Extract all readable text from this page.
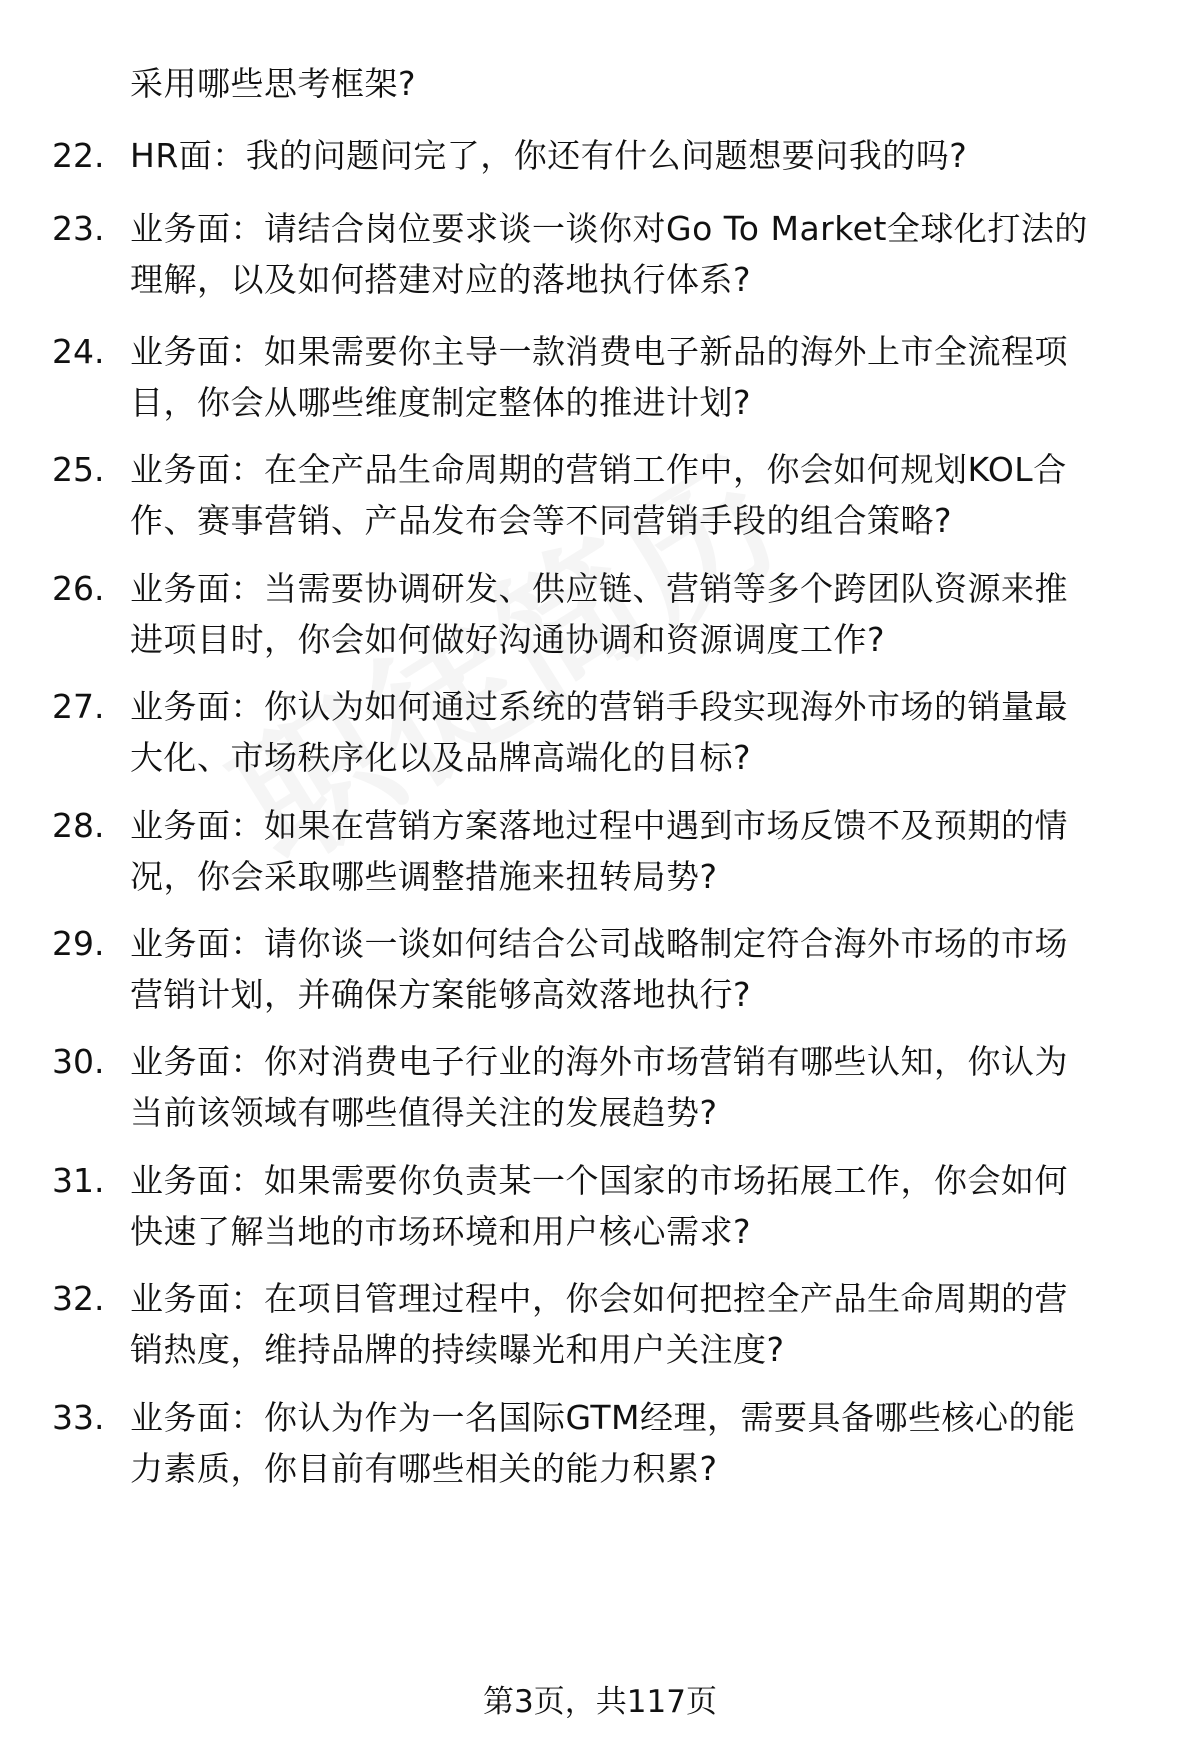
采用哪些思考框架?
22. HR面：我的问题问完了，你还有什么问题想要问我的吗?
23. 业务面：请结合岗位要求谈一谈你对Go To Market全球化打法的
理解，以及如何搭建对应的落地执行体系?
24. 业务面：如果需要你主导一款消费电子新品的海外上市全流程项
目，你会从哪些维度制定整体的推进计划?
25. 业务面：在全产品生命周期的营销工作中，你会如何规划KOL合
作、赛事营销、产品发布会等不同营销手段的组合策略?
26. 业务面：当需要协调研发、供应链、营销等多个跨团队资源来推
进项目时，你会如何做好沟通协调和资源调度工作?
27. 业务面：你认为如何通过系统的营销手段实现海外市场的销量最
大化、市场秩序化以及品牌高端化的目标?
28. 业务面：如果在营销方案落地过程中遇到市场反馈不及预期的情
况，你会采取哪些调整措施来扭转局势?
29. 业务面：请你谈一谈如何结合公司战略制定符合海外市场的市场
营销计划，并确保方案能够高效落地执行?
30. 业务面：你对消费电子行业的海外市场营销有哪些认知，你认为
当前该领域有哪些值得关注的发展趋势?
31. 业务面：如果需要你负责某一个国家的市场拓展工作，你会如何
快速了解当地的市场环境和用户核心需求?
32. 业务面：在项目管理过程中，你会如何把控全产品生命周期的营
销热度，维持品牌的持续曝光和用户关注度?
33. 业务面：你认为作为一名国际GTM经理，需要具备哪些核心的能
力素质，你目前有哪些相关的能力积累?
第3页，共117页
